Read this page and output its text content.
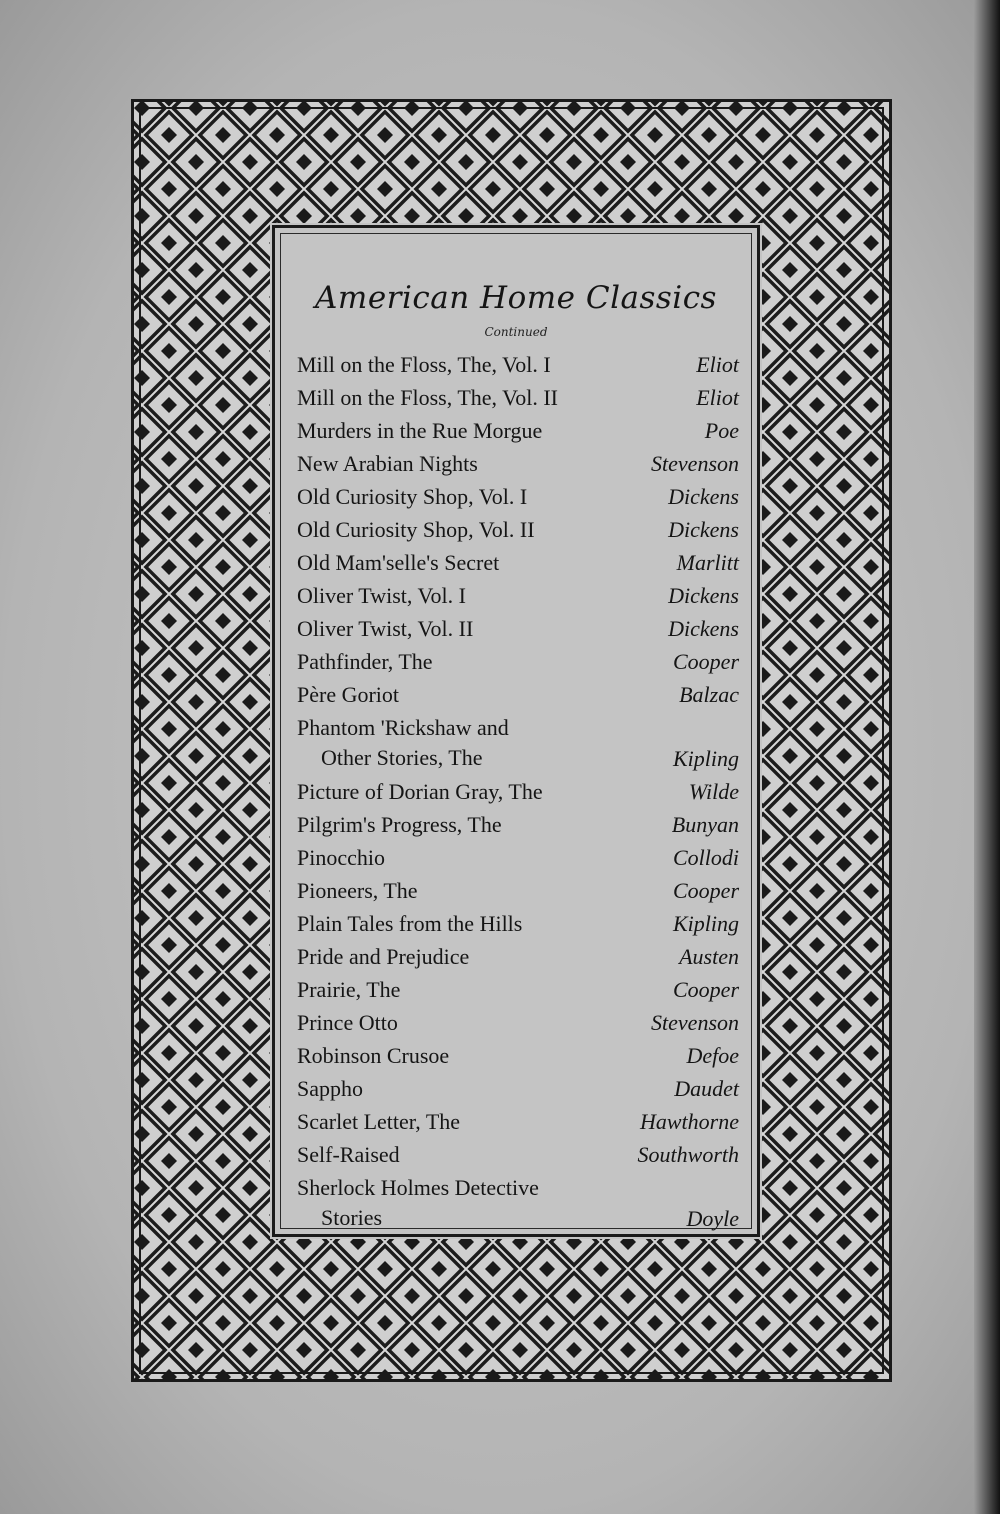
American Home Classics
Continued
Mill on the Floss, The, Vol. I	Eliot
Mill on the Floss, The, Vol. II	Eliot
Murders in the Rue Morgue	Poe
New Arabian Nights	Stevenson
Old Curiosity Shop, Vol. I	Dickens
Old Curiosity Shop, Vol. II	Dickens
Old Mam'selle's Secret	Marlitt
Oliver Twist, Vol. I	Dickens
Oliver Twist, Vol. II	Dickens
Pathfinder, The	Cooper
Père Goriot	Balzac
Phantom 'Rickshaw and
Other Stories, The	Kipling
Picture of Dorian Gray, The	Wilde
Pilgrim's Progress, The	Bunyan
Pinocchio	Collodi
Pioneers, The	Cooper
Plain Tales from the Hills	Kipling
Pride and Prejudice	Austen
Prairie, The	Cooper
Prince Otto	Stevenson
Robinson Crusoe	Defoe
Sappho	Daudet
Scarlet Letter, The	Hawthorne
Self-Raised	Southworth
Sherlock Holmes Detective
Stories	Doyle
